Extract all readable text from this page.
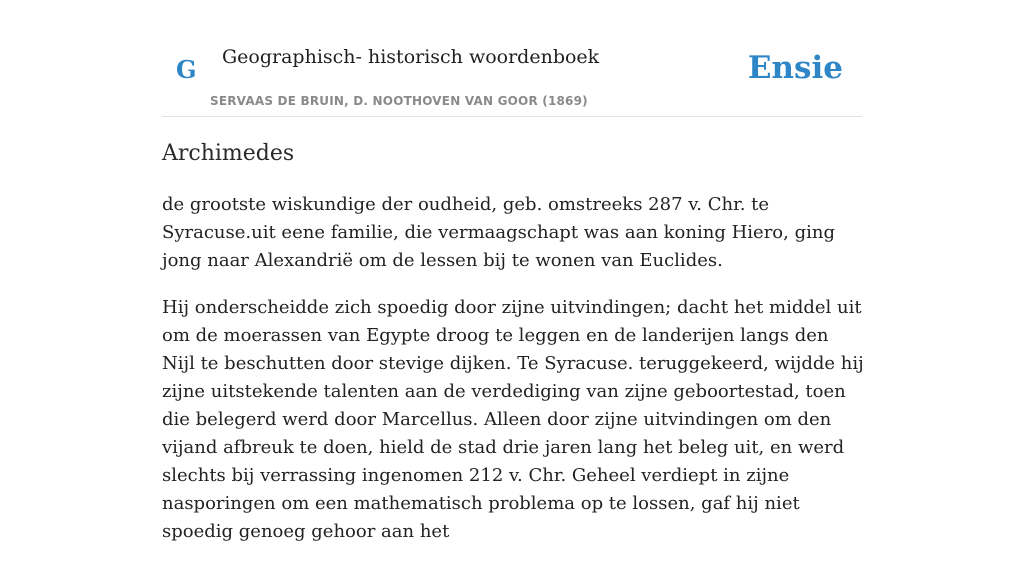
G Geographisch- historisch woordenboek
SERVAAS DE BRUIN, D. NOOTHOVEN VAN GOOR (1869)
Ensie
Archimedes

de grootste wiskundige der oudheid, geb. omstreeks 287 v. Chr. te Syracuse.uit eene familie, die vermaagschapt was aan koning Hiero, ging jong naar Alexandrië om de lessen bij te wonen van Euclides.

Hij onderscheidde zich spoedig door zijne uitvindingen; dacht het middel uit om de moerassen van Egypte droog te leggen en de landerijen langs den Nijl te beschutten door stevige dijken. Te Syracuse. teruggekeerd, wijdde hij zijne uitstekende talenten aan de verdediging van zijne geboortestad, toen die belegerd werd door Marcellus. Alleen door zijne uitvindingen om den vijand afbreuk te doen, hield de stad drie jaren lang het beleg uit, en werd slechts bij verrassing ingenomen 212 v. Chr. Geheel verdiept in zijne nasporingen om een mathematisch problema op te lossen, gaf hij niet spoedig genoeg gehoor aan het
